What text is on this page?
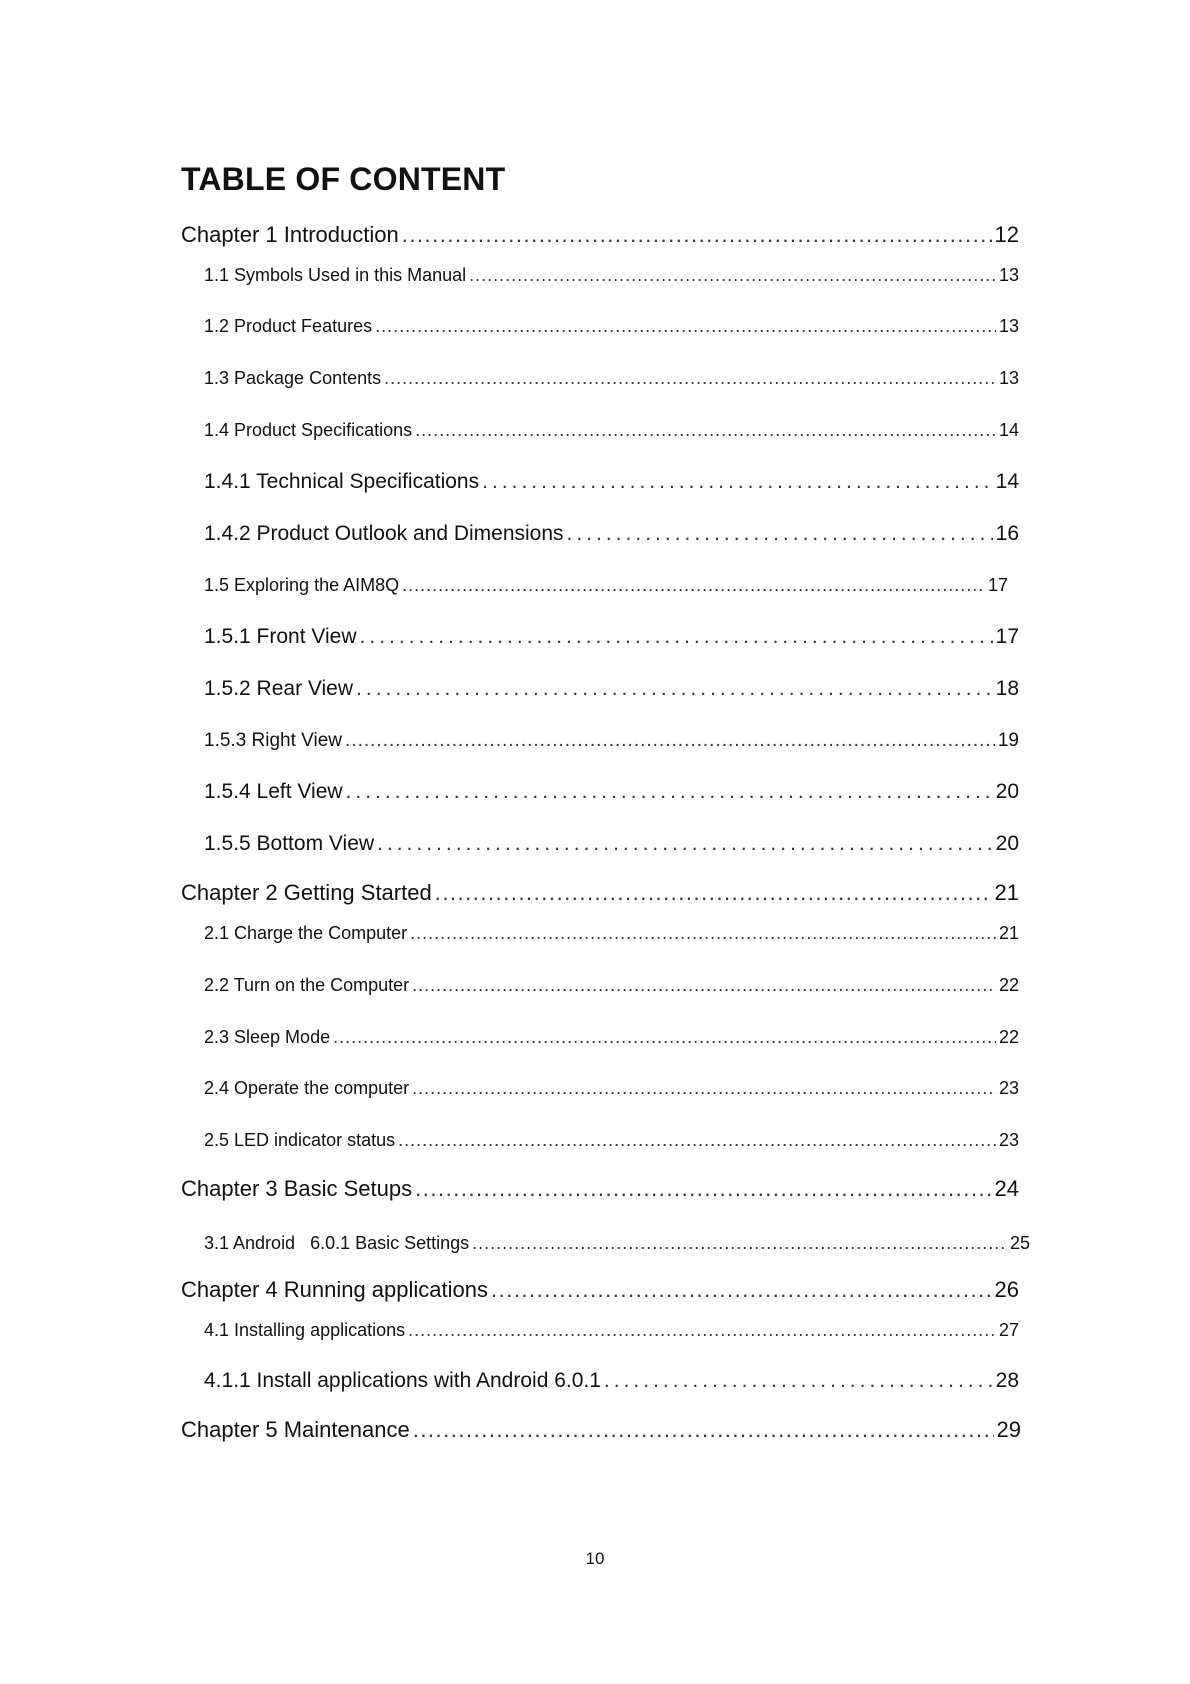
TABLE OF CONTENT
Chapter 1 Introduction .....	12
1.1 Symbols Used in this Manual .....	13
1.2 Product Features .....	13
1.3 Package Contents .....	13
1.4 Product Specifications .....	14
1.4.1 Technical Specifications .....	14
1.4.2 Product Outlook and Dimensions .....	16
1.5 Exploring the AIM8Q .....	17
1.5.1 Front View .....	17
1.5.2 Rear View .....	18
1.5.3 Right View .....	19
1.5.4 Left View .....	20
1.5.5 Bottom View .....	20
Chapter 2 Getting Started .....	21
2.1 Charge the Computer .....	21
2.2 Turn on the Computer .....	22
2.3 Sleep Mode .....	22
2.4 Operate the computer .....	23
2.5 LED indicator status .....	23
Chapter 3 Basic Setups .....	24
3.1 Android   6.0.1 Basic Settings .....	25
Chapter 4 Running applications .....	26
4.1 Installing applications .....	27
4.1.1 Install applications with Android 6.0.1 .....	28
Chapter 5 Maintenance .....	29
10
